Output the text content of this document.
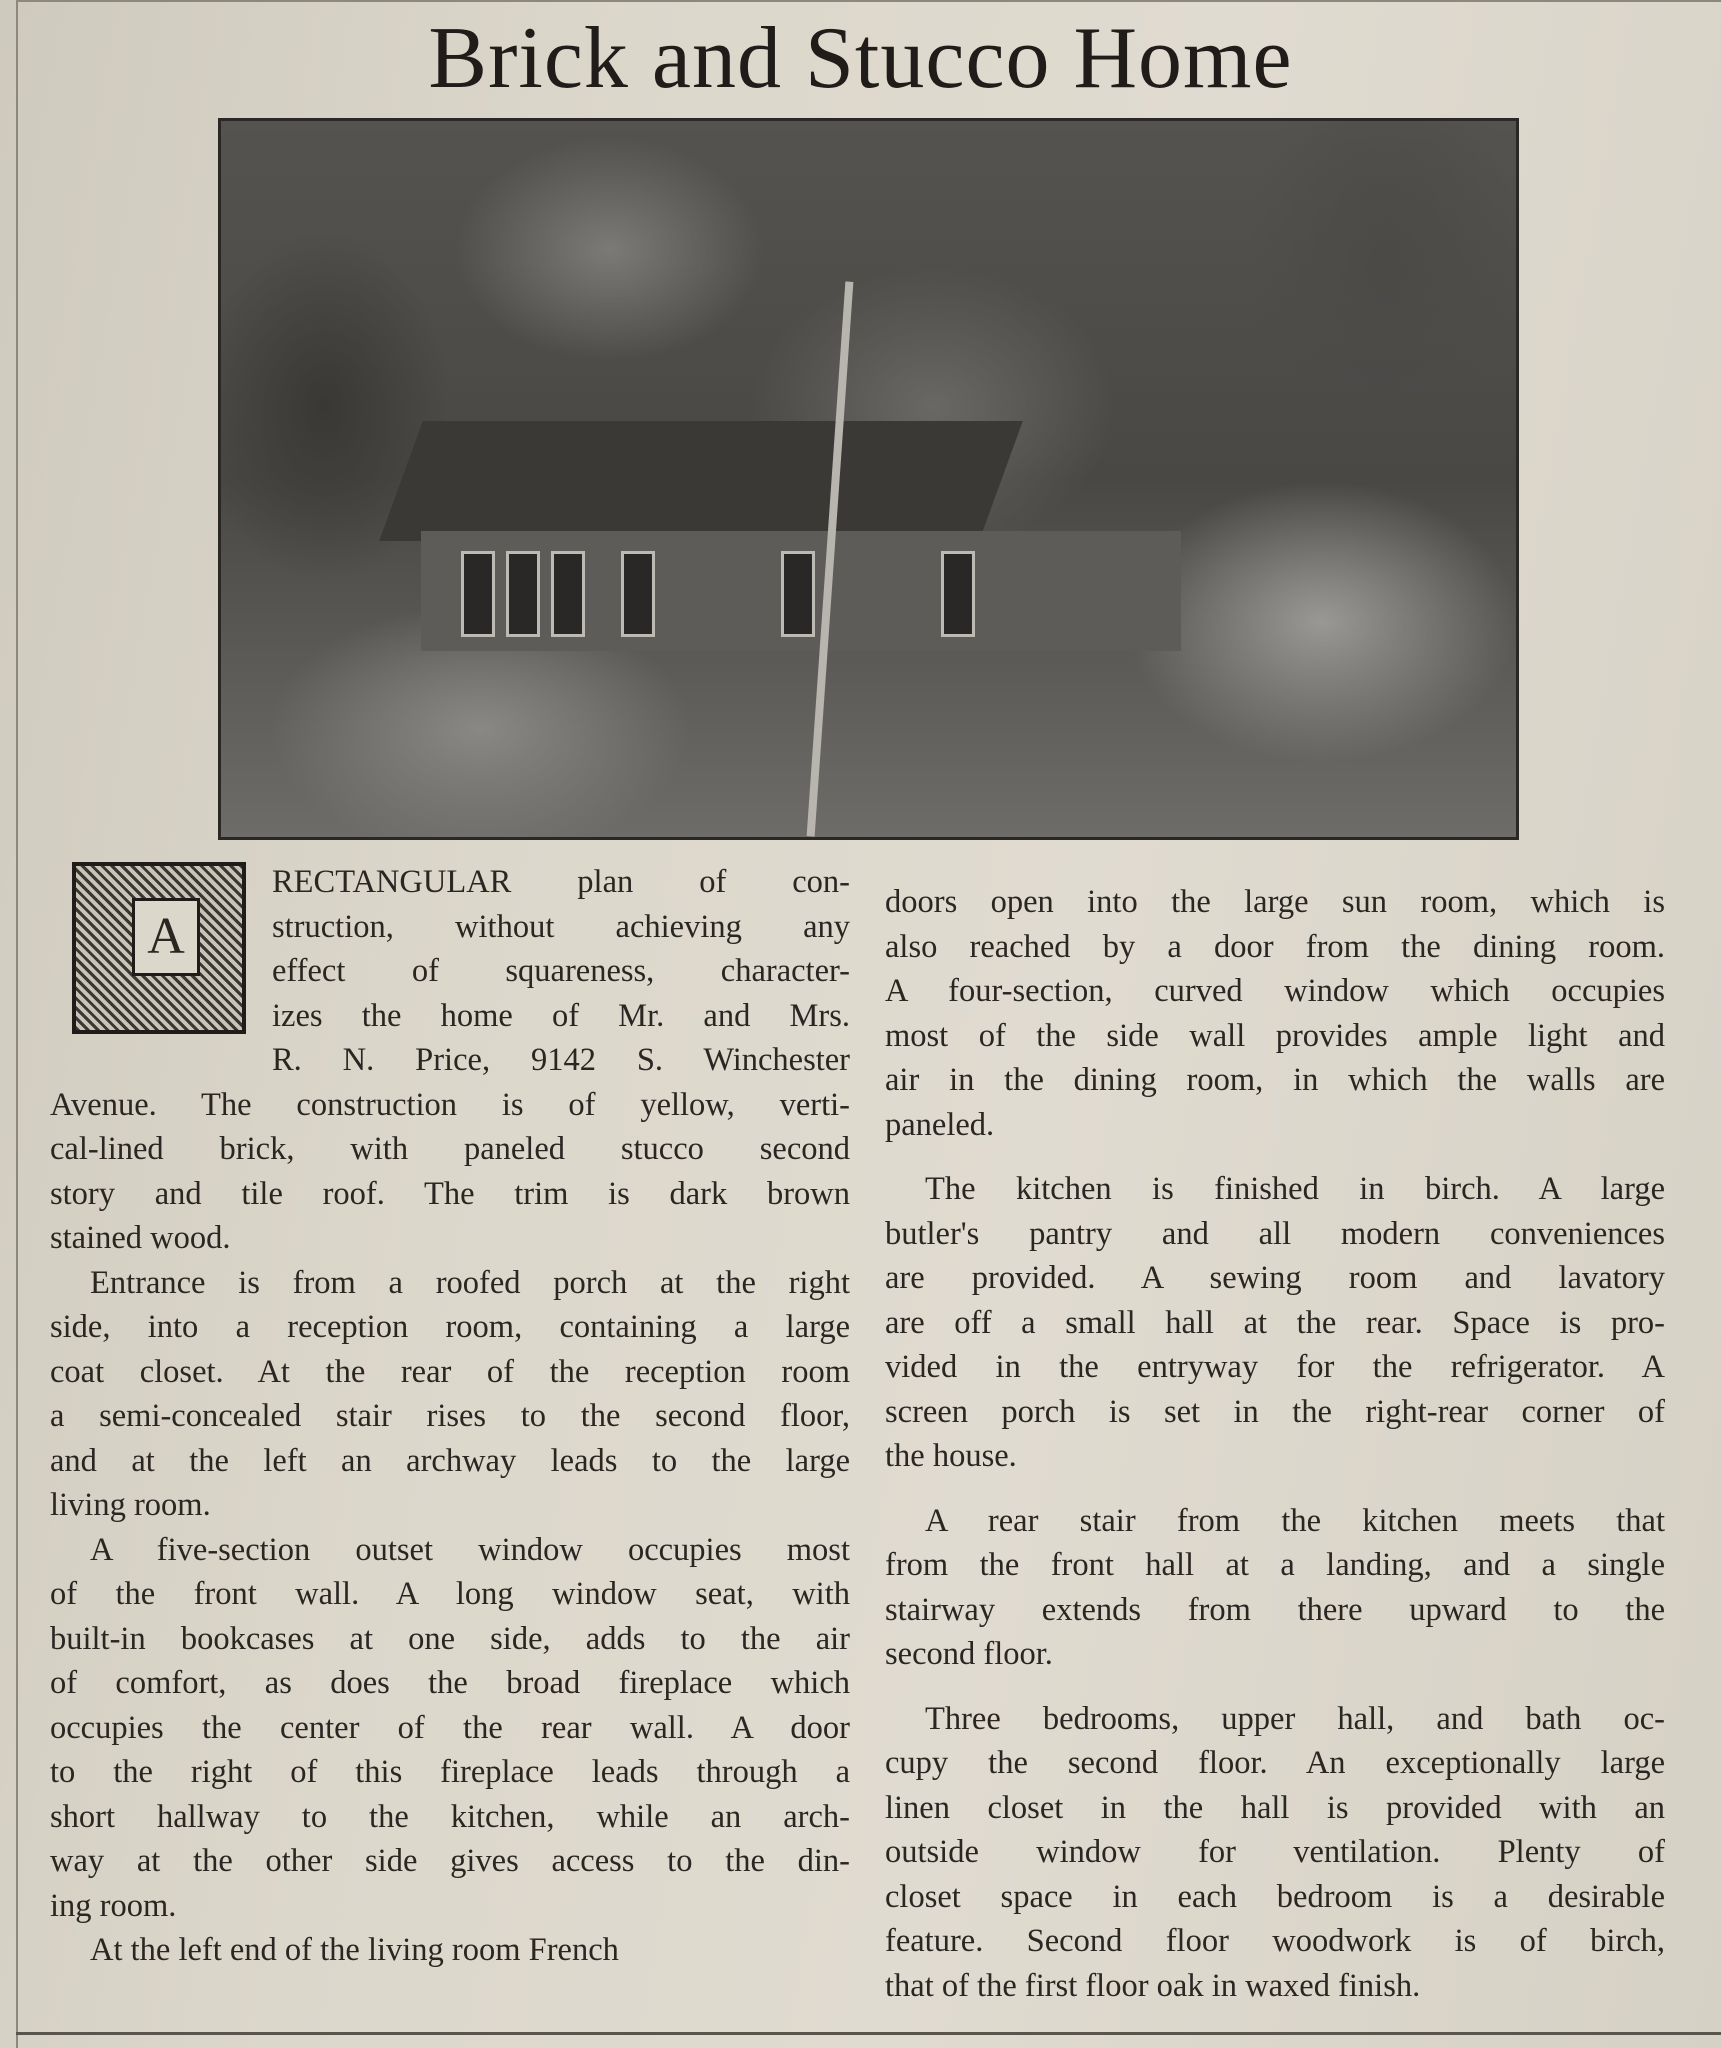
Brick and Stucco Home
A
RECTANGULAR plan of con-
struction, without achieving any
effect of squareness, character-
izes the home of Mr. and Mrs.
R. N. Price, 9142 S. Winchester
Avenue. The construction is of yellow, verti-
cal-lined brick, with paneled stucco second
story and tile roof. The trim is dark brown
stained wood.
Entrance is from a roofed porch at the right
side, into a reception room, containing a large
coat closet. At the rear of the reception room
a semi-concealed stair rises to the second floor,
and at the left an archway leads to the large
living room.
A five-section outset window occupies most
of the front wall. A long window seat, with
built-in bookcases at one side, adds to the air
of comfort, as does the broad fireplace which
occupies the center of the rear wall. A door
to the right of this fireplace leads through a
short hallway to the kitchen, while an arch-
way at the other side gives access to the din-
ing room.
At the left end of the living room French
doors open into the large sun room, which is
also reached by a door from the dining room.
A four-section, curved window which occupies
most of the side wall provides ample light and
air in the dining room, in which the walls are
paneled.
The kitchen is finished in birch. A large
butler's pantry and all modern conveniences
are provided. A sewing room and lavatory
are off a small hall at the rear. Space is pro-
vided in the entryway for the refrigerator. A
screen porch is set in the right-rear corner of
the house.
A rear stair from the kitchen meets that
from the front hall at a landing, and a single
stairway extends from there upward to the
second floor.
Three bedrooms, upper hall, and bath oc-
cupy the second floor. An exceptionally large
linen closet in the hall is provided with an
outside window for ventilation. Plenty of
closet space in each bedroom is a desirable
feature. Second floor woodwork is of birch,
that of the first floor oak in waxed finish.
